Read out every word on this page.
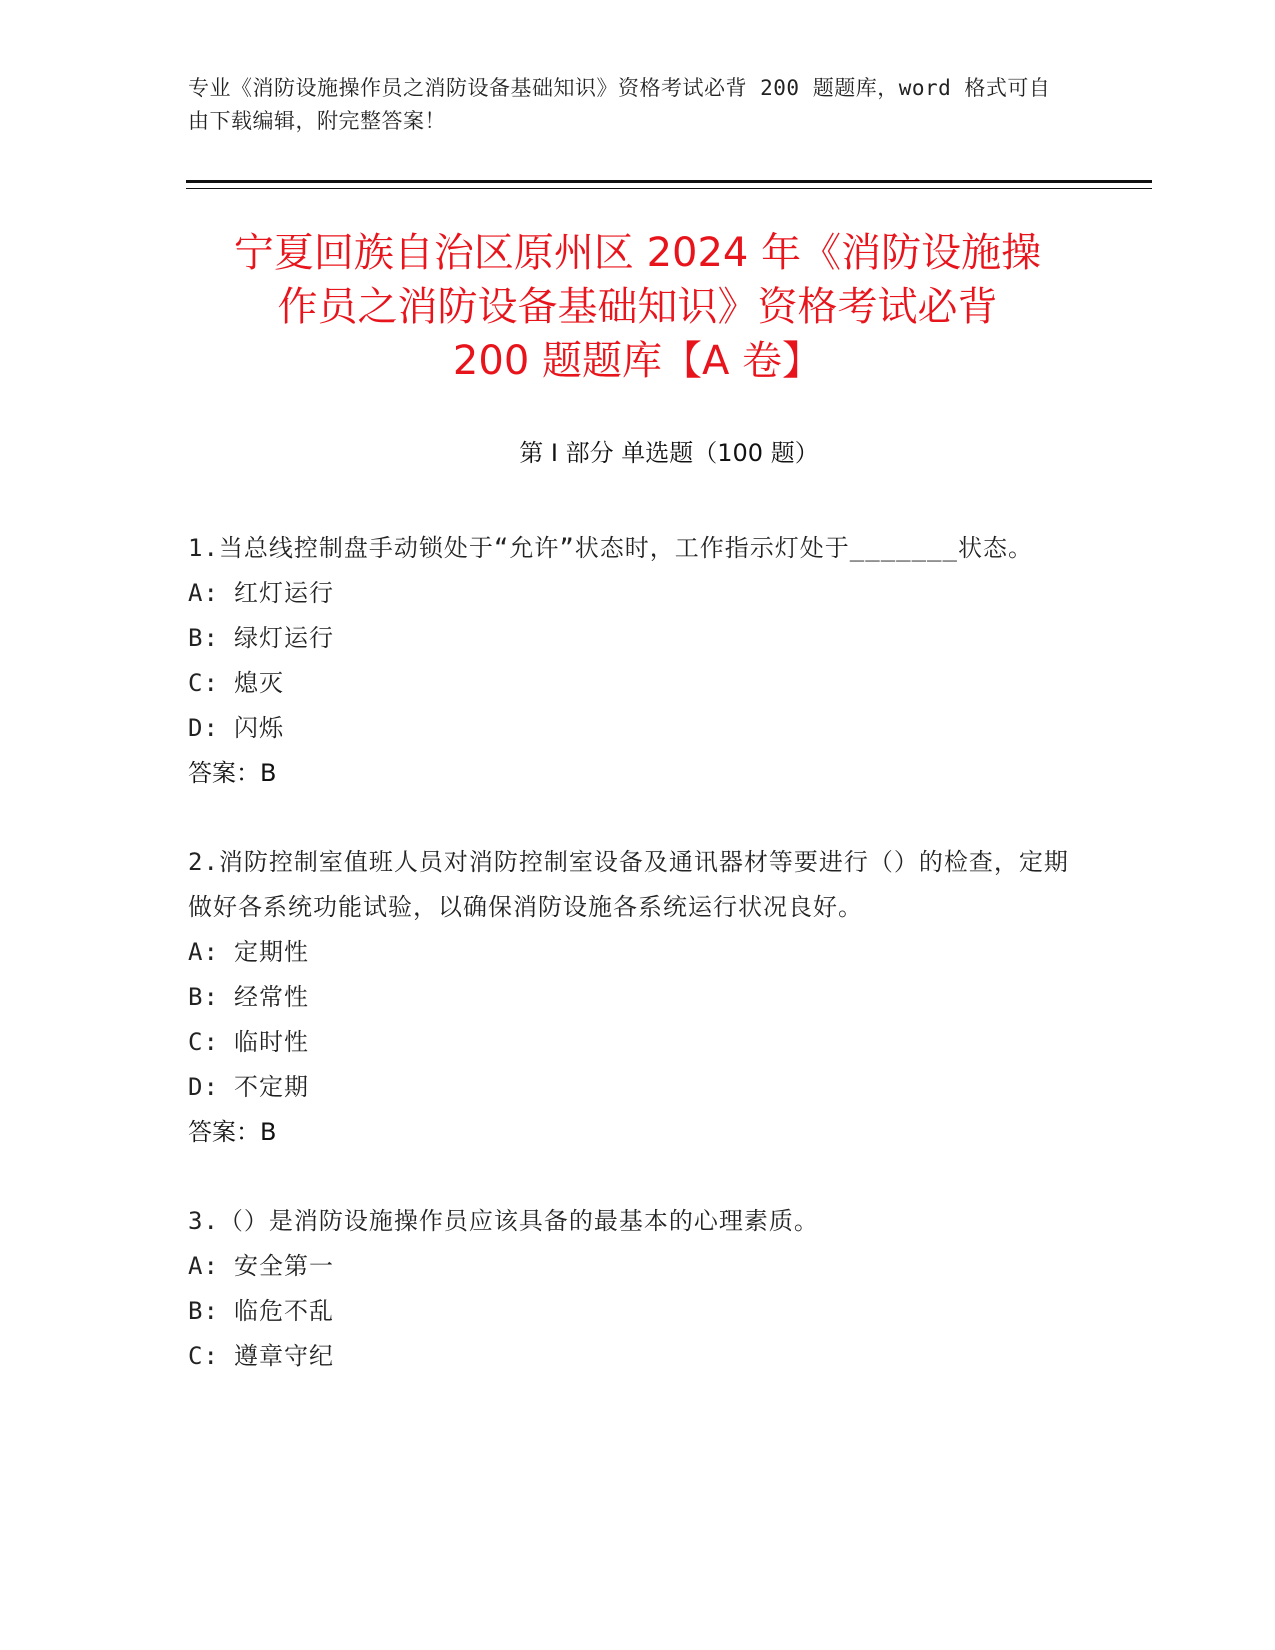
专业《消防设施操作员之消防设备基础知识》资格考试必背 200 题题库，word 格式可自由下载编辑，附完整答案！
宁夏回族自治区原州区 2024 年《消防设施操
作员之消防设备基础知识》资格考试必背
200 题题库【A 卷】
第 I 部分 单选题（100 题）
1.当总线控制盘手动锁处于“允许”状态时，工作指示灯处于_______状态。
A: 红灯运行
B: 绿灯运行
C: 熄灭
D: 闪烁
答案：B
2.消防控制室值班人员对消防控制室设备及通讯器材等要进行（）的检查，定期做好各系统功能试验，以确保消防设施各系统运行状况良好。
A: 定期性
B: 经常性
C: 临时性
D: 不定期
答案：B
3.（）是消防设施操作员应该具备的最基本的心理素质。
A: 安全第一
B: 临危不乱
C: 遵章守纪
